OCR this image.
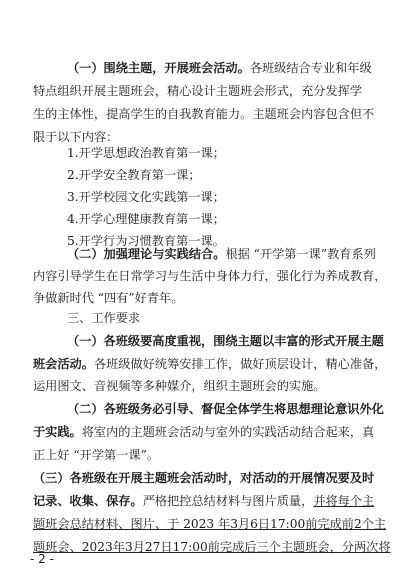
（一）围绕主题，开展班会活动。各班级结合专业和年级
特点组织开展主题班会，精心设计主题班会形式，充分发挥学
生的主体性，提高学生的自我教育能力。主题班会内容包含但不
限于以下内容：
1.开学思想政治教育第一课；
2.开学安全教育第一课；
3.开学校园文化实践第一课；
4.开学心理健康教育第一课；
5.开学行为习惯教育第一课。
（二）加强理论与实践结合。根据 “开学第一课”教育系列
内容引导学生在日常学习与生活中身体力行，强化行为养成教育，
争做新时代 “四有”好青年。
三、工作要求
（一）各班级要高度重视，围绕主题以丰富的形式开展主题
班会活动。各班级做好统筹安排工作，做好顶层设计，精心准备，
运用图文、音视频等多种媒介，组织主题班会的实施。
（二）各班级务必引导、督促全体学生将思想理论意识外化
于实践。将室内的主题班会活动与室外的实践活动结合起来，真
正上好 “开学第一课”。
（三）各班级在开展主题班会活动时，对活动的开展情况要及时
记录、收集、保存。严格把控总结材料与图片质量，并将每个主
题班会总结材料、图片、于 2023 年3月6日17:00前完成前2个主
题班会、2023年3月27日17:00前完成后三个主题班会，分两次将
- 2 -
